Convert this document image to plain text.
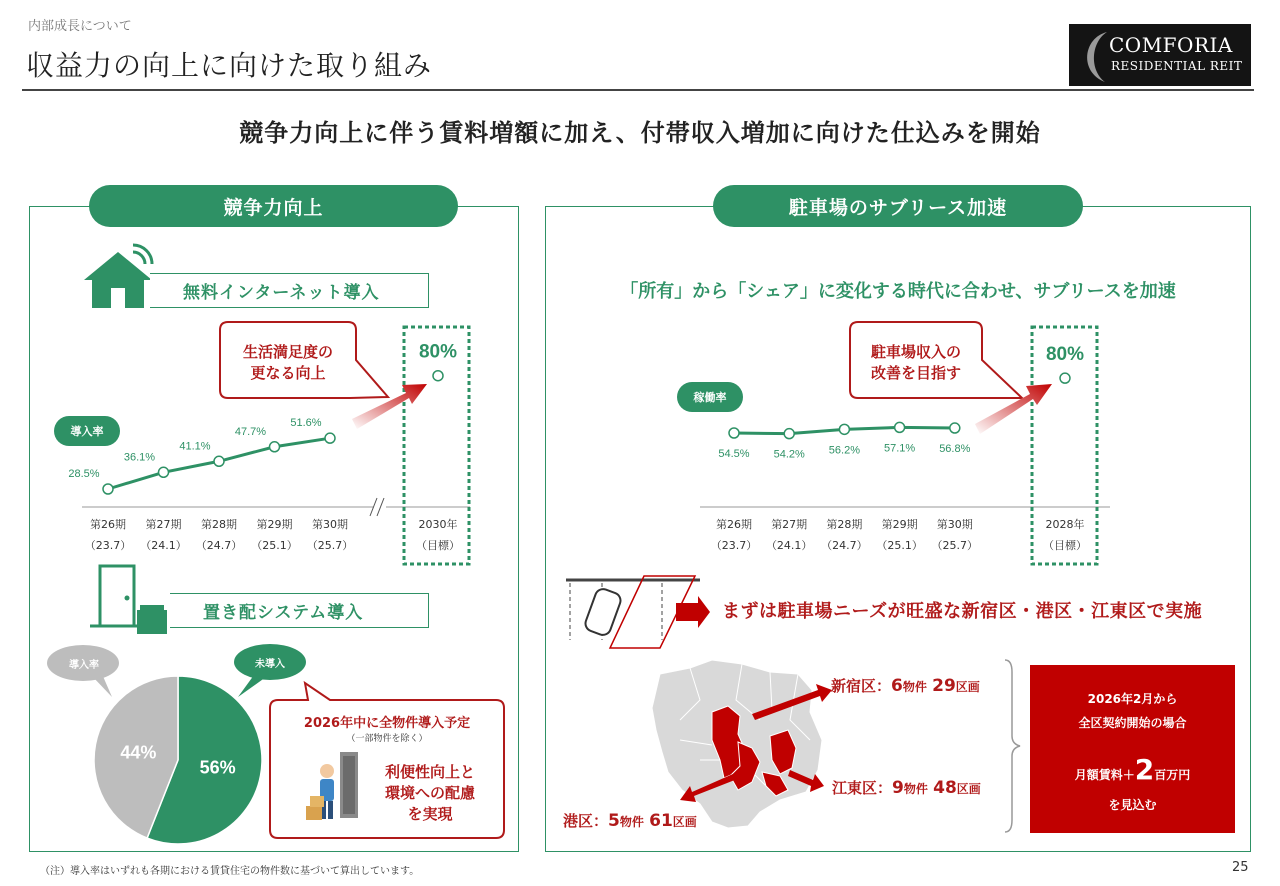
内部成長について
収益力の向上に向けた取り組み
COMFORIA
RESIDENTIAL REIT
競争力向上に伴う賃料増額に加え、付帯収入増加に向けた仕込みを開始
競争力向上	駐車場のサブリース加速
28.5%
第26期
（23.7）
36.1%
第27期
（24.1）
41.1%
第28期
（24.7）
47.7%
第29期
（25.1）
51.6%
第30期
（25.7）
80%
2030年
（目標）
54.5%
第26期
（23.7）
54.2%
第27期
（24.1）
56.2%
第28期
（24.7）
57.1%
第29期
（25.1）
56.8%
第30期
（25.7）
80%
2028年
（目標）
56%
44%
無料インターネット導入
置き配システム導入
導入率
生活満足度の
更なる向上
導入率	未導入
2026年中に全物件導入予定
（一部物件を除く）
利便性向上と
環境への配慮
を実現
「所有」から「シェア」に変化する時代に合わせ、サブリースを加速
稼働率
駐車場収入の
改善を目指す
まずは駐車場ニーズが旺盛な新宿区・港区・江東区で実施
新宿区：6物件 29区画
江東区：9物件 48区画
港区：5物件 61区画
2026年2月から
全区契約開始の場合
月額賃料＋2百万円
を見込む
（注）導入率はいずれも各期における賃貸住宅の物件数に基づいて算出しています。	25
